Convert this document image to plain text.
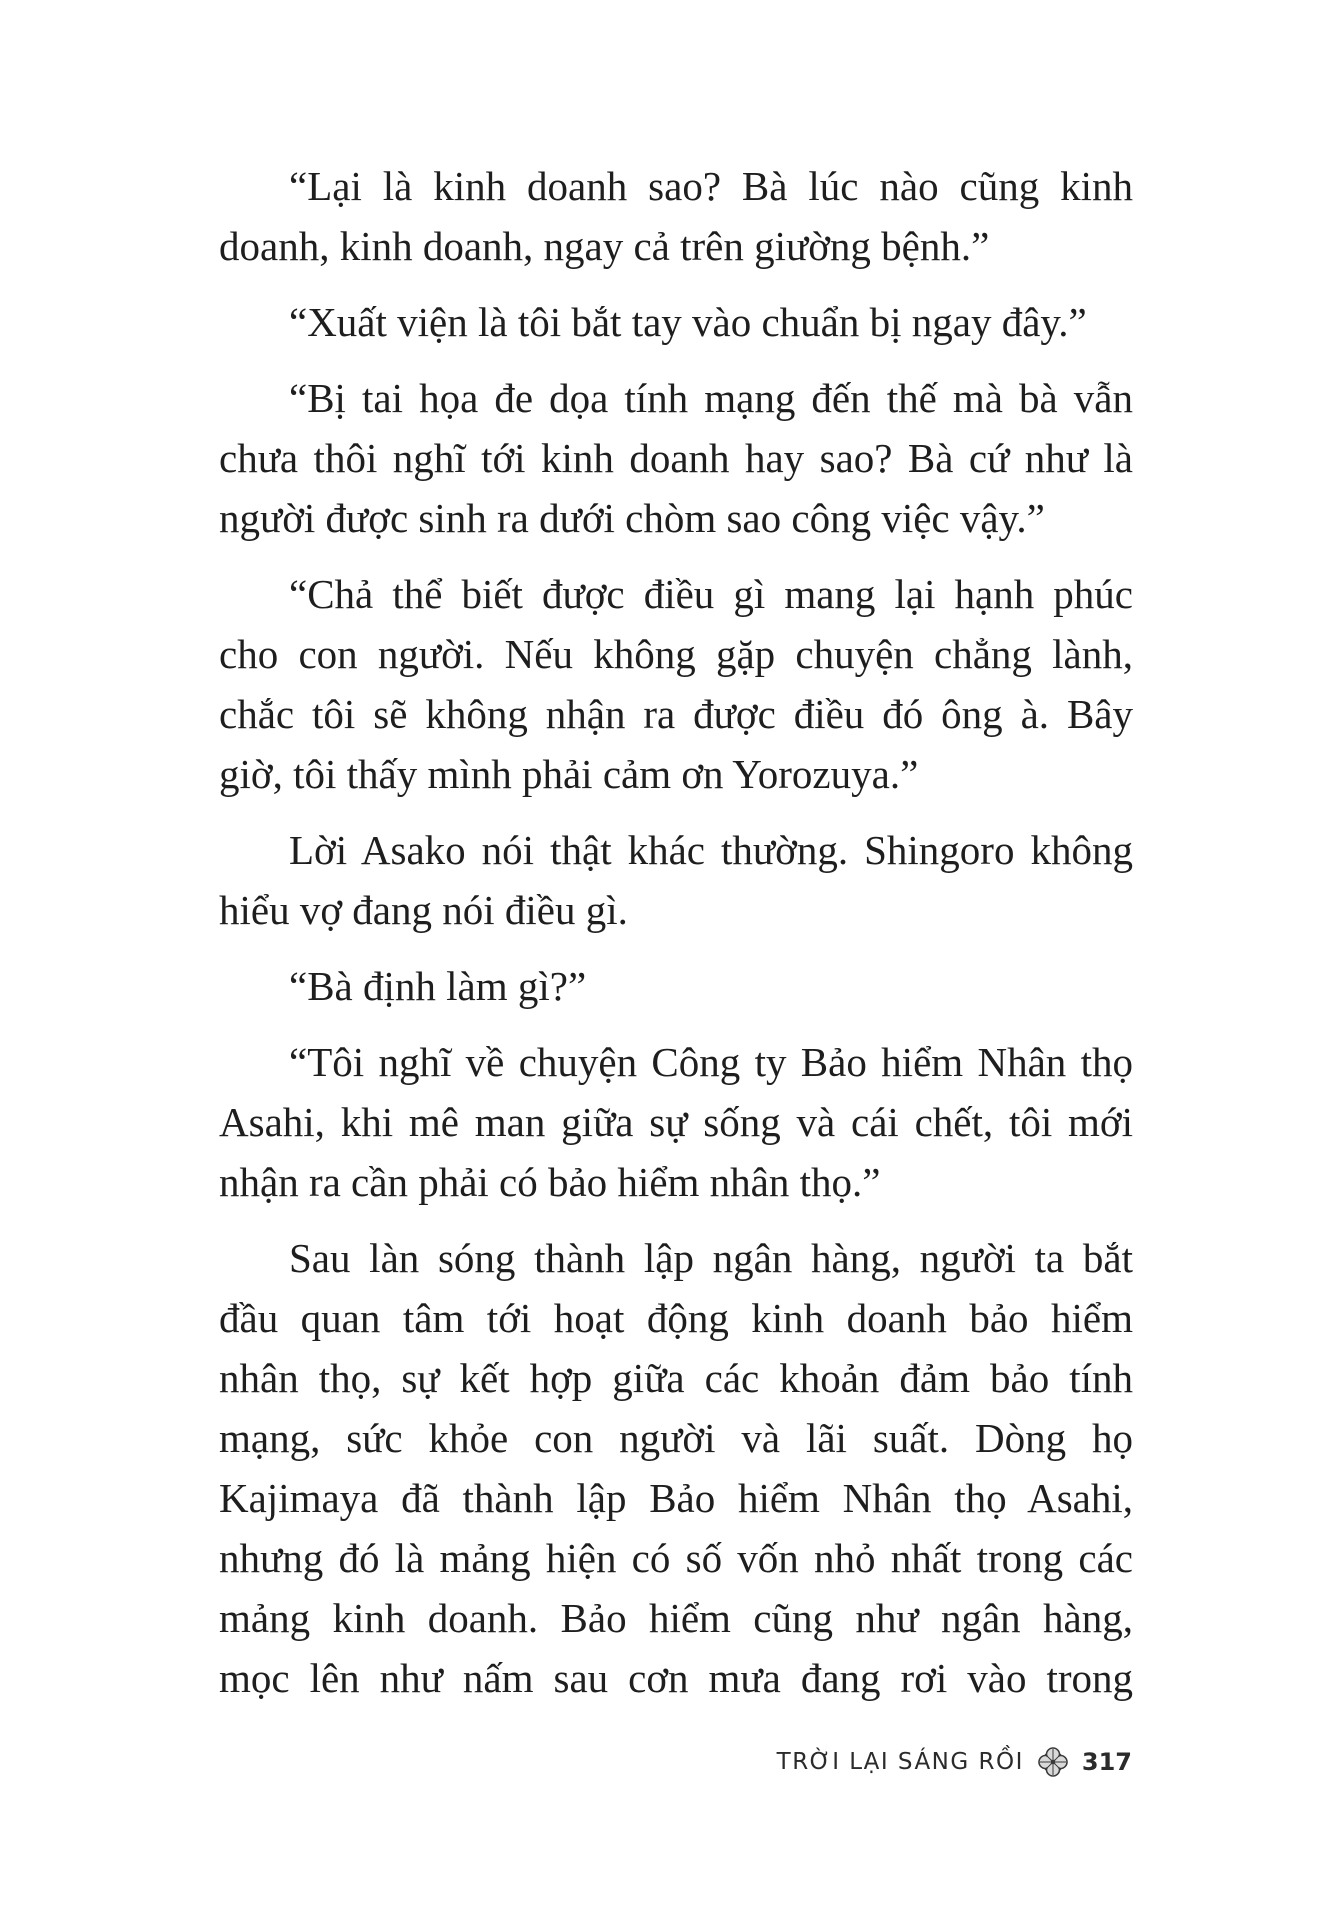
“Lại là kinh doanh sao? Bà lúc nào cũng kinh
doanh, kinh doanh, ngay cả trên giường bệnh.”
“Xuất viện là tôi bắt tay vào chuẩn bị ngay đây.”
“Bị tai họa đe dọa tính mạng đến thế mà bà vẫn
chưa thôi nghĩ tới kinh doanh hay sao? Bà cứ như là
người được sinh ra dưới chòm sao công việc vậy.”
“Chả thể biết được điều gì mang lại hạnh phúc
cho con người. Nếu không gặp chuyện chẳng lành,
chắc tôi sẽ không nhận ra được điều đó ông à. Bây
giờ, tôi thấy mình phải cảm ơn Yorozuya.”
Lời Asako nói thật khác thường. Shingoro không
hiểu vợ đang nói điều gì.
“Bà định làm gì?”
“Tôi nghĩ về chuyện Công ty Bảo hiểm Nhân thọ
Asahi, khi mê man giữa sự sống và cái chết, tôi mới
nhận ra cần phải có bảo hiểm nhân thọ.”
Sau làn sóng thành lập ngân hàng, người ta bắt
đầu quan tâm tới hoạt động kinh doanh bảo hiểm
nhân thọ, sự kết hợp giữa các khoản đảm bảo tính
mạng, sức khỏe con người và lãi suất. Dòng họ
Kajimaya đã thành lập Bảo hiểm Nhân thọ Asahi,
nhưng đó là mảng hiện có số vốn nhỏ nhất trong các
mảng kinh doanh. Bảo hiểm cũng như ngân hàng,
mọc lên như nấm sau cơn mưa đang rơi vào trong
TRỜI LẠI SÁNG RỒI 317
